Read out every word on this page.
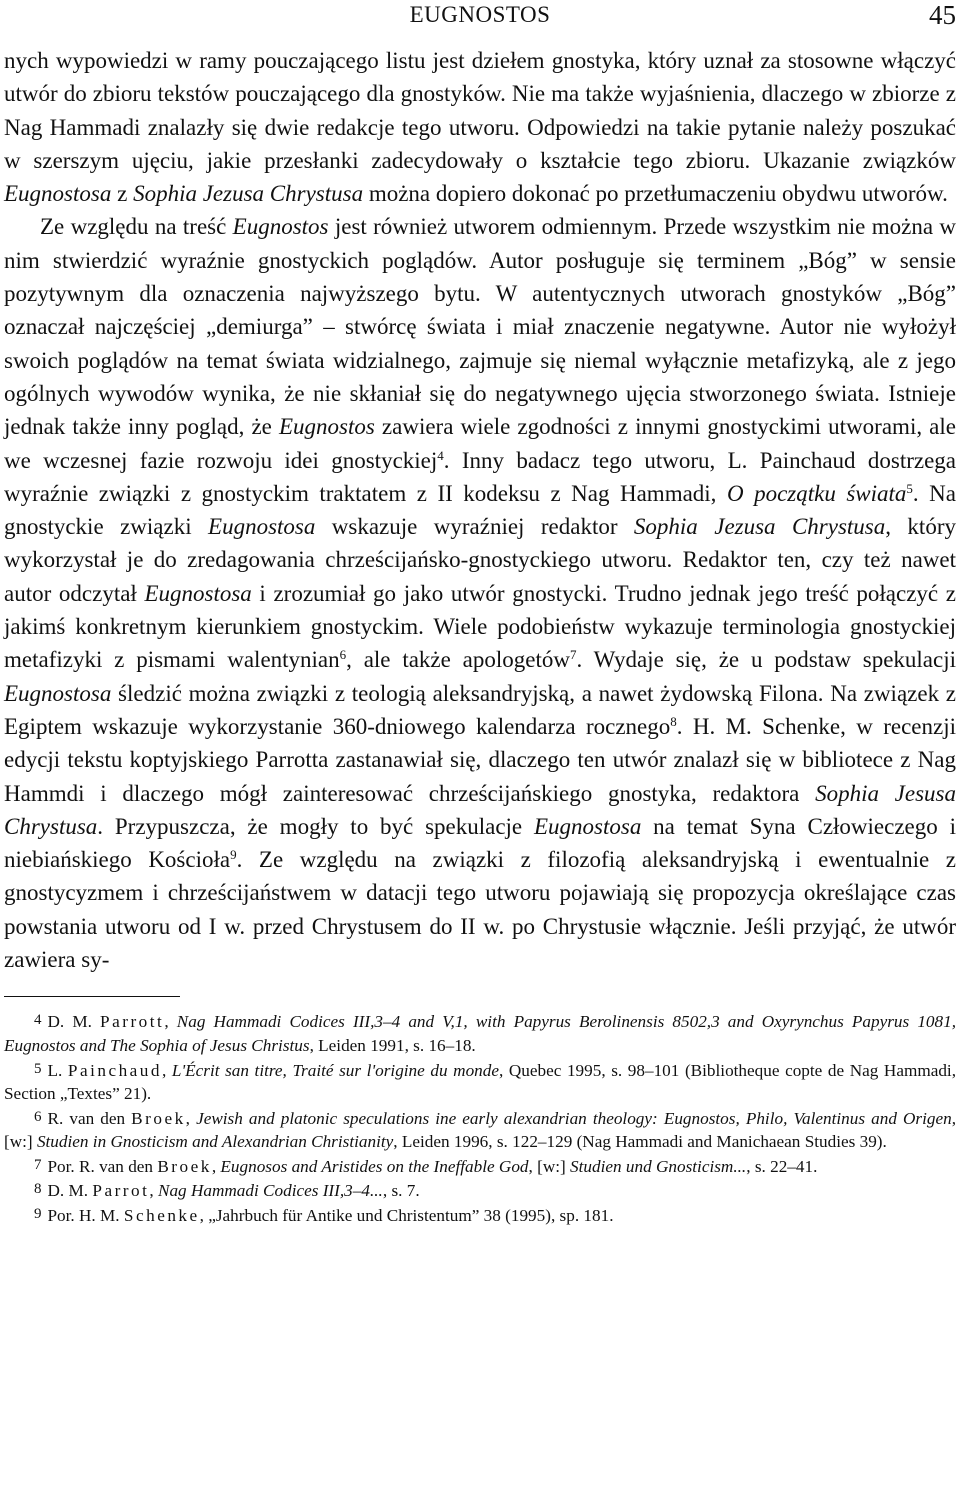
EUGNOSTOS	45

nych wypowiedzi w ramy pouczającego listu jest dziełem gnostyka, który uznał za stosowne włączyć utwór do zbioru tekstów pouczającego dla gnostyków. Nie ma także wyjaśnienia, dlaczego w zbiorze z Nag Hammadi znalazły się dwie redakcje tego utworu. Odpowiedzi na takie pytanie należy poszukać w szerszym ujęciu, jakie przesłanki zadecydowały o kształcie tego zbioru. Ukazanie związków Eugnostosa z Sophia Jezusa Chrystusa można dopiero dokonać po przetłumaczeniu obydwu utworów.

Ze względu na treść Eugnostos jest również utworem odmiennym. Przede wszystkim nie można w nim stwierdzić wyraźnie gnostyckich poglądów. Autor posługuje się terminem „Bóg” w sensie pozytywnym dla oznaczenia najwyższego bytu. W autentycznych utworach gnostyków „Bóg” oznaczał najczęściej „demiurga” – stwórcę świata i miał znaczenie negatywne. Autor nie wyłożył swoich poglądów na temat świata widzialnego, zajmuje się niemal wyłącznie metafizyką, ale z jego ogólnych wywodów wynika, że nie skłaniał się do negatywnego ujęcia stworzonego świata. Istnieje jednak także inny pogląd, że Eugnostos zawiera wiele zgodności z innymi gnostyckimi utworami, ale we wczesnej fazie rozwoju idei gnostyckiej$^4$. Inny badacz tego utworu, L. Painchaud dostrzega wyraźnie związki z gnostyckim traktatem z II kodeksu z Nag Hammadi, O początku świata$^5$. Na gnostyckie związki Eugnostosa wskazuje wyraźniej redaktor Sophia Jezusa Chrystusa, który wykorzystał je do zredagowania chrześcijańsko-gnostyckiego utworu. Redaktor ten, czy też nawet autor odczytał Eugnostosa i zrozumiał go jako utwór gnostycki. Trudno jednak jego treść połączyć z jakimś konkretnym kierunkiem gnostyckim. Wiele podobieństw wykazuje terminologia gnostyckiej metafizyki z pismami walentynian$^6$, ale także apologetów$^7$. Wydaje się, że u podstaw spekulacji Eugnostosa śledzić można związki z teologią aleksandryjską, a nawet żydowską Filona. Na związek z Egiptem wskazuje wykorzystanie 360-dniowego kalendarza rocznego$^8$. H. M. Schenke, w recenzji edycji tekstu koptyjskiego Parrotta zastanawiał się, dlaczego ten utwór znalazł się w bibliotece z Nag Hammdi i dlaczego mógł zainteresować chrześcijańskiego gnostyka, redaktora Sophia Jesusa Chrystusa. Przypuszcza, że mogły to być spekulacje Eugnostosa na temat Syna Człowieczego i niebiańskiego Kościoła$^9$. Ze względu na związki z filozofią aleksandryjską i ewentualnie z gnostycyzmem i chrześcijaństwem w datacji tego utworu pojawiają się propozycja określające czas powstania utworu od I w. przed Chrystusem do II w. po Chrystusie włącznie. Jeśli przyjąć, że utwór zawiera sy-

4 D. M. Parrott, Nag Hammadi Codices III,3–4 and V,1, with Papyrus Berolinensis 8502,3 and Oxyrynchus Papyrus 1081, Eugnostos and The Sophia of Jesus Christus, Leiden 1991, s. 16–18.

5 L. Painchaud, L'Écrit san titre, Traité sur l'origine du monde, Quebec 1995, s. 98–101 (Bibliotheque copte de Nag Hammadi, Section „Textes” 21).

6 R. van den Broek, Jewish and platonic speculations ine early alexandrian theology: Eugnostos, Philo, Valentinus and Origen, [w:] Studien in Gnosticism and Alexandrian Christianity, Leiden 1996, s. 122–129 (Nag Hammadi and Manichaean Studies 39).

7 Por. R. van den Broek, Eugnosos and Aristides on the Ineffable God, [w:] Studien und Gnosticism..., s. 22–41.

8 D. M. Parrot, Nag Hammadi Codices III,3–4..., s. 7.

9 Por. H. M. Schenke, „Jahrbuch für Antike und Christentum” 38 (1995), sp. 181.
